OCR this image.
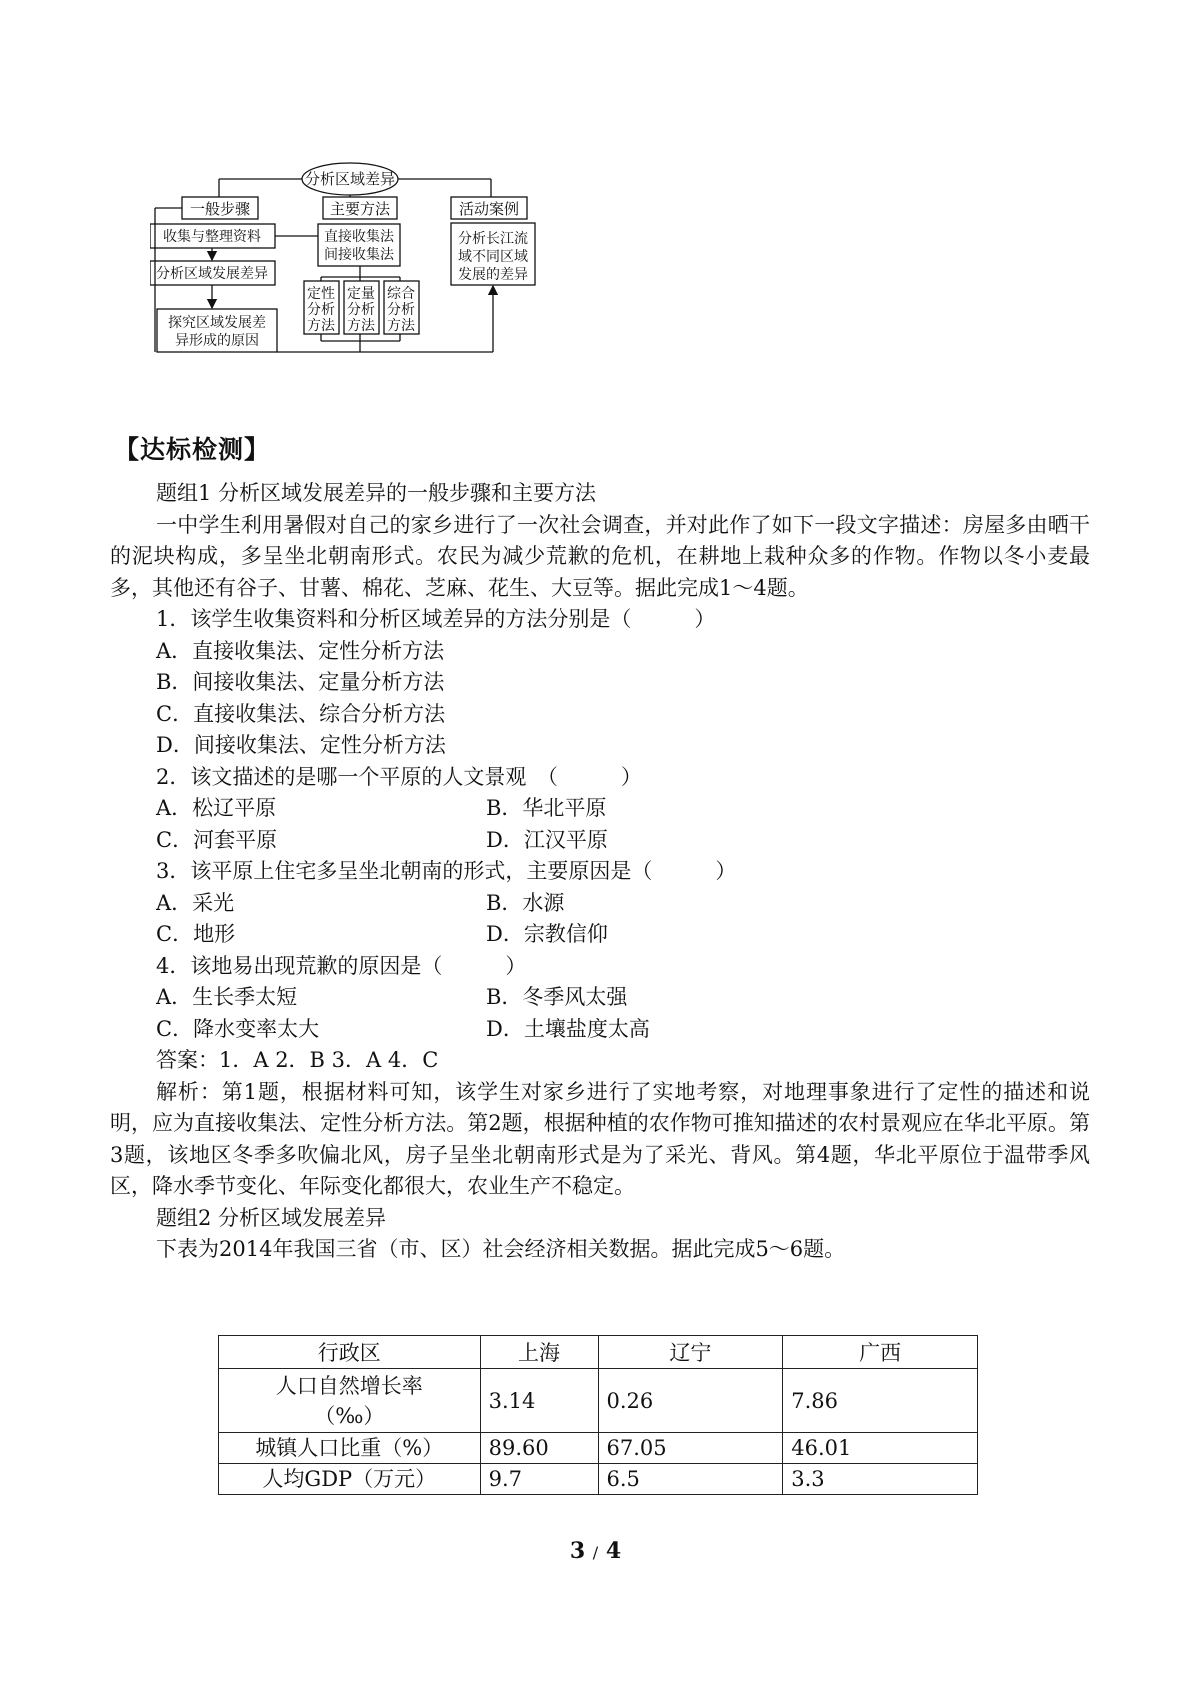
分析区域差异
一般步骤	主要方法	活动案例
收集与整理资料
分析区域发展差异
探究区域发展差
异形成的原因
直接收集法
间接收集法
定性
分析
方法
定量
分析
方法
综合
分析
方法
分析长江流
域不同区域
发展的差异
【达标检测】
题组1 分析区域发展差异的一般步骤和主要方法
一中学生利用暑假对自己的家乡进行了一次社会调查，并对此作了如下一段文字描述：房屋多由晒干的泥块构成，多呈坐北朝南形式。农民为减少荒歉的危机，在耕地上栽种众多的作物。作物以冬小麦最多，其他还有谷子、甘薯、棉花、芝麻、花生、大豆等。据此完成1～4题。
1．该学生收集资料和分析区域差异的方法分别是（　　　）
A．直接收集法、定性分析方法
B．间接收集法、定量分析方法
C．直接收集法、综合分析方法
D．间接收集法、定性分析方法
2．该文描述的是哪一个平原的人文景观　（　　　）
A．松辽平原	B．华北平原
C．河套平原	D．江汉平原
3．该平原上住宅多呈坐北朝南的形式，主要原因是（　　　）
A．采光	B．水源
C．地形	D．宗教信仰
4．该地易出现荒歉的原因是（　　　）
A．生长季太短	B．冬季风太强
C．降水变率太大	D．土壤盐度太高
答案：1．A 2．B 3．A 4．C
解析：第1题，根据材料可知，该学生对家乡进行了实地考察，对地理事象进行了定性的描述和说明，应为直接收集法、定性分析方法。第2题，根据种植的农作物可推知描述的农村景观应在华北平原。第3题，该地区冬季多吹偏北风，房子呈坐北朝南形式是为了采光、背风。第4题，华北平原位于温带季风区，降水季节变化、年际变化都很大，农业生产不稳定。
题组2 分析区域发展差异
下表为2014年我国三省（市、区）社会经济相关数据。据此完成5～6题。
行政区	上海	辽宁	广西

人口自然增长率
（‰）	3.14	0.26	7.86
城镇人口比重（%）	89.60	67.05	46.01
人均GDP（万元）	9.7	6.5	3.3
3 / 4
